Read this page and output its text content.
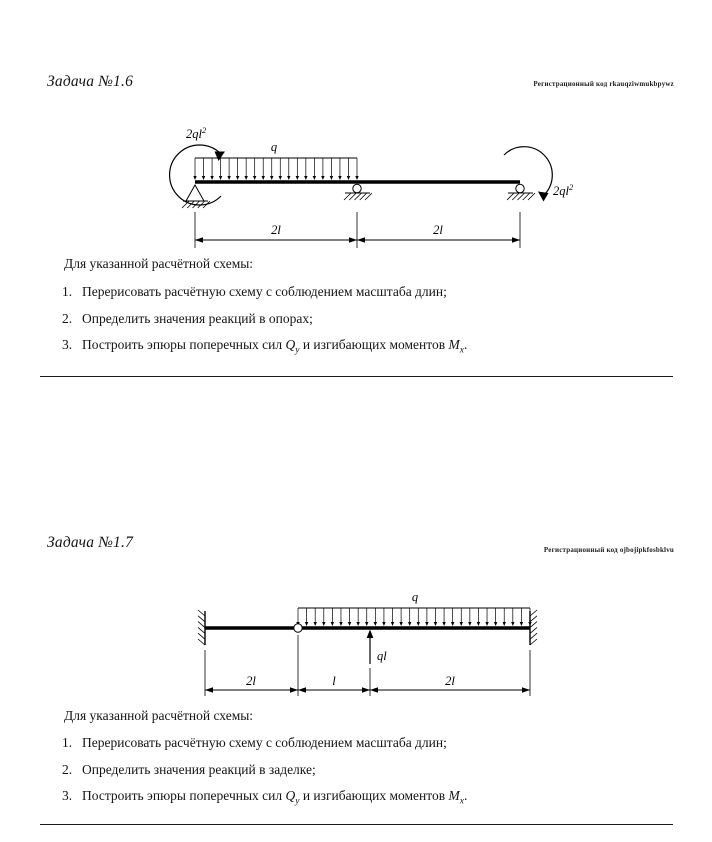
Задача №1.6	Регистрационный код rkauqziwmukbpywz
$2ql^2$
q
$2ql^2$
2l	2l
Для указанной расчётной схемы:
1. Перерисовать расчётную схему с соблюдением масштаба длин;
2. Определить значения реакций в опорах;
3. Построить эпюры поперечных сил $Q_y$ и изгибающих моментов $M_x$.
Задача №1.7	Регистрационный код ojbojipkfosbklvu
q
ql
2l	l	2l
Для указанной расчётной схемы:
1. Перерисовать расчётную схему с соблюдением масштаба длин;
2. Определить значения реакций в заделке;
3. Построить эпюры поперечных сил $Q_y$ и изгибающих моментов $M_x$.
